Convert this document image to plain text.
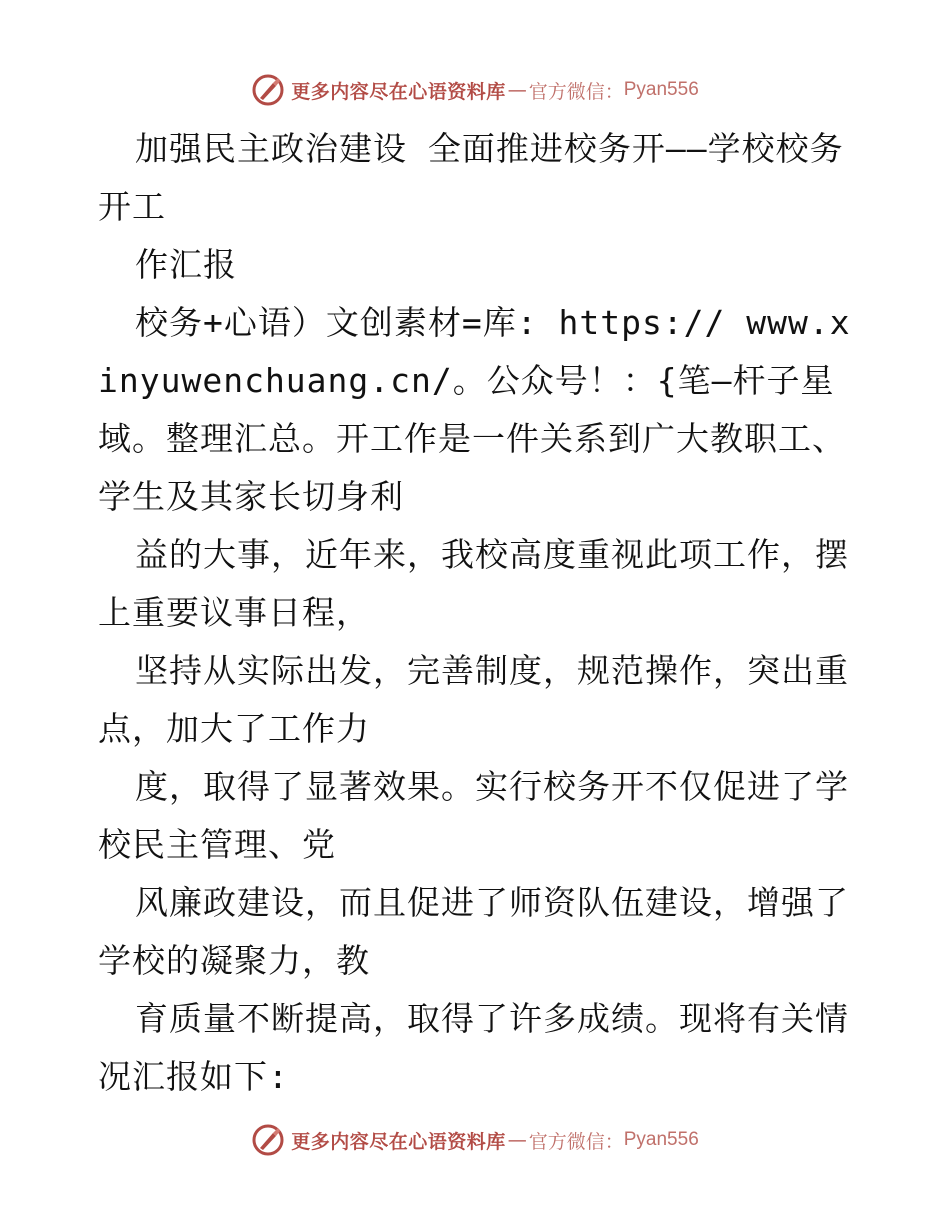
更多内容尽在心语资料库 — 官方微信： Pyan556

加强民主政治建设 全面推进校务开——学校校务开工

作汇报

校务+心语）文创素材=库: https:// www.xinyuwenchuang.cn/。公众号！：{笔—杆子星域。整理汇总。开工作是一件关系到广大教职工、学生及其家长切身利

益的大事，近年来，我校高度重视此项工作，摆上重要议事日程，

坚持从实际出发，完善制度，规范操作，突出重点，加大了工作力

度，取得了显著效果。实行校务开不仅促进了学校民主管理、党

风廉政建设，而且促进了师资队伍建设，增强了学校的凝聚力，教

育质量不断提高，取得了许多成绩。现将有关情况汇报如下:

更多内容尽在心语资料库 — 官方微信： Pyan556
